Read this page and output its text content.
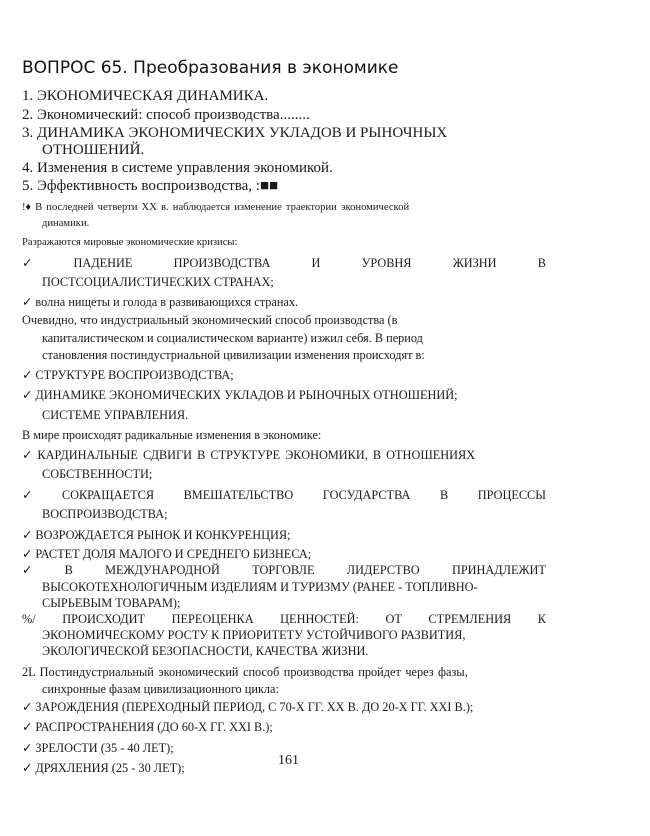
ВОПРОС 65. Преобразования в экономике
1. ЭКОНОМИЧЕСКАЯ ДИНАМИКА.
2. Экономический: способ производства........
3. ДИНАМИКА ЭКОНОМИЧЕСКИХ УКЛАДОВ И РЫНОЧНЫХ
ОТНОШЕНИЙ.
4. Изменения в системе управления экономикой.
5. Эффективность воспроизводства, :■■
!♦ В последней четверти XX в. наблюдается изменение траектории экономической
динамики.
Разражаются мировые экономические кризисы:
✓	ПАДЕНИЕ	ПРОИЗВОДСТВА	И	УРОВНЯ	ЖИЗНИ	В
ПОСТСОЦИАЛИСТИЧЕСКИХ СТРАНАХ;
✓ волна нищеты и голода в развивающихся странах.
Очевидно, что индустриальный экономический способ производства (в
капиталистическом и социалистическом варианте) изжил себя. В период
становления постиндустриальной цивилизации изменения происходят в:
✓ СТРУКТУРЕ ВОСПРОИЗВОДСТВА;
✓ ДИНАМИКЕ ЭКОНОМИЧЕСКИХ УКЛАДОВ И РЫНОЧНЫХ ОТНОШЕНИЙ;
СИСТЕМЕ УПРАВЛЕНИЯ.
В мире происходят радикальные изменения в экономике:
✓ КАРДИНАЛЬНЫЕ СДВИГИ В СТРУКТУРЕ ЭКОНОМИКИ, В ОТНОШЕНИЯХ
СОБСТВЕННОСТИ;
✓ СОКРАЩАЕТСЯ ВМЕШАТЕЛЬСТВО ГОСУДАРСТВА В ПРОЦЕССЫ
ВОСПРОИЗВОДСТВА;
✓ ВОЗРОЖДАЕТСЯ РЫНОК И КОНКУРЕНЦИЯ;
✓ РАСТЕТ ДОЛЯ МАЛОГО И СРЕДНЕГО БИЗНЕСА;
✓	В	МЕЖДУНАРОДНОЙ	ТОРГОВЛЕ	ЛИДЕРСТВО	ПРИНАДЛЕЖИТ
ВЫСОКОТЕХНОЛОГИЧНЫМ ИЗДЕЛИЯМ И ТУРИЗМУ (РАНЕЕ - ТОПЛИВНО-
СЫРЬЕВЫМ ТОВАРАМ);
%/ ПРОИСХОДИТ ПЕРЕОЦЕНКА ЦЕННОСТЕЙ: ОТ СТРЕМЛЕНИЯ К
ЭКОНОМИЧЕСКОМУ РОСТУ К ПРИОРИТЕТУ УСТОЙЧИВОГО РАЗВИТИЯ,
ЭКОЛОГИЧЕСКОЙ БЕЗОПАСНОСТИ, КАЧЕСТВА ЖИЗНИ.
2L Постиндустриальный экономический способ производства пройдет через фазы,
синхронные фазам цивилизационного цикла:
✓ ЗАРОЖДЕНИЯ (ПЕРЕХОДНЫЙ ПЕРИОД, С 70-Х ГГ. XX В. ДО 20-Х ГГ. XXI В.);
✓ РАСПРОСТРАНЕНИЯ (ДО 60-Х ГГ. XXI В.);
✓ ЗРЕЛОСТИ (35 - 40 ЛЕТ);
✓ ДРЯХЛЕНИЯ (25 - 30 ЛЕТ);	161
